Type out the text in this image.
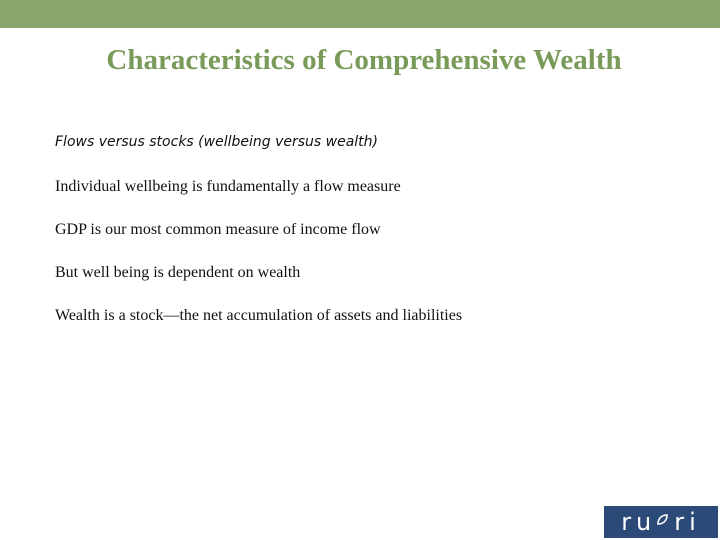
Characteristics of Comprehensive Wealth
Flows versus stocks (wellbeing versus wealth)
Individual wellbeing is fundamentally a flow measure
GDP is our most common measure of income flow
But well being is dependent on wealth
Wealth is a stock—the net accumulation of assets and liabilities
ru ri
